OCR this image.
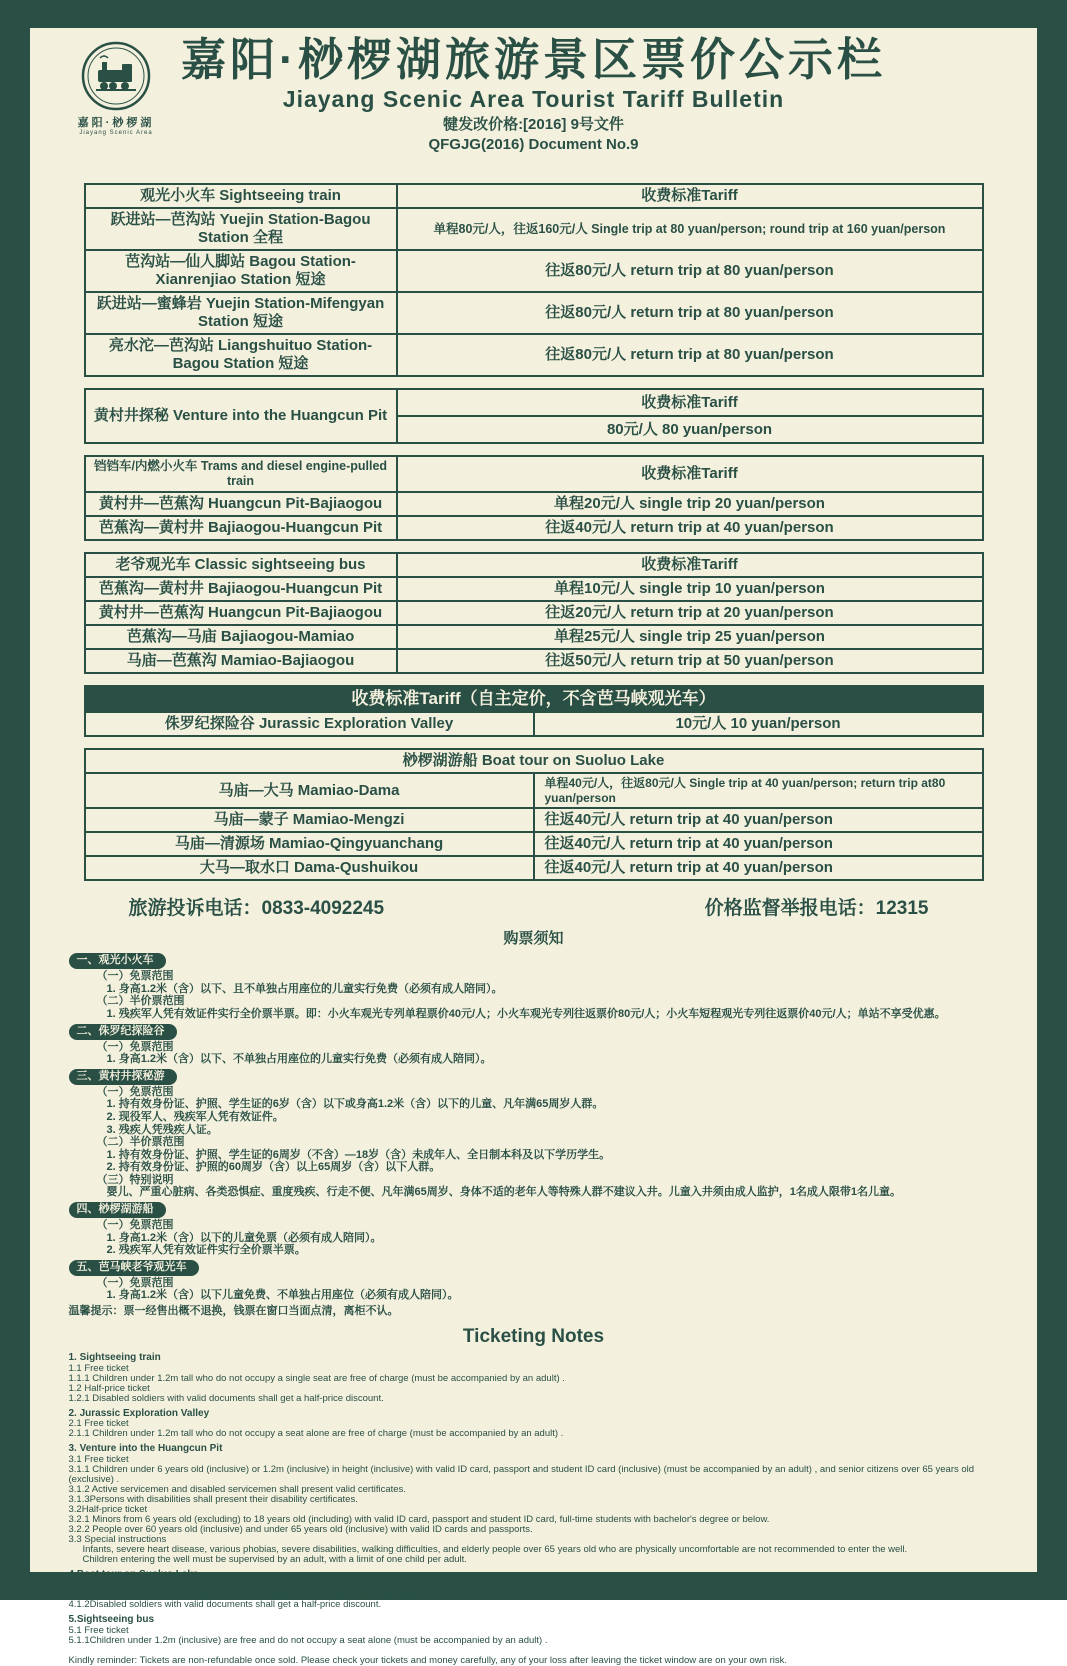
嘉阳·桫椤湖
Jiayang Scenic Area
嘉阳·桫椤湖旅游景区票价公示栏
Jiayang Scenic Area Tourist Tariff Bulletin
犍发改价格:[2016] 9号文件
QFGJG(2016) Document No.9
观光小火车 Sightseeing train	收费标准Tariff
跃进站—芭沟站 Yuejin Station-Bagou Station 全程	单程80元/人，往返160元/人 Single trip at 80 yuan/person; round trip at 160 yuan/person
芭沟站—仙人脚站 Bagou Station-Xianrenjiao Station 短途	往返80元/人 return trip at 80 yuan/person
跃进站—蜜蜂岩 Yuejin Station-Mifengyan Station 短途	往返80元/人 return trip at 80 yuan/person
亮水沱—芭沟站 Liangshuituo Station-Bagou Station 短途	往返80元/人 return trip at 80 yuan/person
黄村井探秘 Venture into the Huangcun Pit	收费标准Tariff
80元/人 80 yuan/person
铛铛车/内燃小火车 Trams and diesel engine-pulled train	收费标准Tariff
黄村井—芭蕉沟 Huangcun Pit-Bajiaogou	单程20元/人 single trip 20 yuan/person
芭蕉沟—黄村井 Bajiaogou-Huangcun Pit	往返40元/人 return trip at 40 yuan/person
老爷观光车 Classic sightseeing bus	收费标准Tariff
芭蕉沟—黄村井 Bajiaogou-Huangcun Pit	单程10元/人 single trip 10 yuan/person
黄村井—芭蕉沟 Huangcun Pit-Bajiaogou	往返20元/人 return trip at 20 yuan/person
芭蕉沟—马庙 Bajiaogou-Mamiao	单程25元/人 single trip 25 yuan/person
马庙—芭蕉沟 Mamiao-Bajiaogou	往返50元/人 return trip at 50 yuan/person
收费标准Tariff（自主定价，不含芭马峡观光车）
侏罗纪探险谷 Jurassic Exploration Valley	10元/人 10 yuan/person
桫椤湖游船 Boat tour on Suoluo Lake	
马庙—大马 Mamiao-Dama	单程40元/人，往返80元/人 Single trip at 40 yuan/person; return trip at80 yuan/person
马庙—蒙子 Mamiao-Mengzi	往返40元/人 return trip at 40 yuan/person
马庙—清源场 Mamiao-Qingyuanchang	往返40元/人 return trip at 40 yuan/person
大马—取水口 Dama-Qushuikou	往返40元/人 return trip at 40 yuan/person
旅游投诉电话：0833-4092245	价格监督举报电话：12315
购票须知
一、观光小火车
（一）免票范围
1. 身高1.2米（含）以下、且不单独占用座位的儿童实行免费（必须有成人陪同）。
（二）半价票范围
1. 残疾军人凭有效证件实行全价票半票。即：小火车观光专列单程票价40元/人；小火车观光专列往返票价80元/人；小火车短程观光专列往返票价40元/人；单站不享受优惠。
二、侏罗纪探险谷
（一）免票范围
1. 身高1.2米（含）以下、不单独占用座位的儿童实行免费（必须有成人陪同）。
三、黄村井探秘游
（一）免票范围
1. 持有效身份证、护照、学生证的6岁（含）以下或身高1.2米（含）以下的儿童、凡年满65周岁人群。
2. 现役军人、残疾军人凭有效证件。
3. 残疾人凭残疾人证。
（二）半价票范围
1. 持有效身份证、护照、学生证的6周岁（不含）—18岁（含）未成年人、全日制本科及以下学历学生。
2. 持有效身份证、护照的60周岁（含）以上65周岁（含）以下人群。
（三）特别说明
婴儿、严重心脏病、各类恐惧症、重度残疾、行走不便、凡年满65周岁、身体不适的老年人等特殊人群不建议入井。儿童入井须由成人监护，1名成人限带1名儿童。
四、桫椤湖游船
（一）免票范围
1. 身高1.2米（含）以下的儿童免票（必须有成人陪同）。
2. 残疾军人凭有效证件实行全价票半票。
五、芭马峡老爷观光车
（一）免票范围
1. 身高1.2米（含）以下儿童免费、不单独占用座位（必须有成人陪同）。
温馨提示：票一经售出概不退换，钱票在窗口当面点清，离柜不认。
Ticketing Notes
1. Sightseeing train
1.1 Free ticket
1.1.1 Children under 1.2m tall who do not occupy a single seat are free of charge (must be accompanied by an adult) .
1.2 Half-price ticket
1.2.1 Disabled soldiers with valid documents shall get a half-price discount.
2. Jurassic Exploration Valley
2.1 Free ticket
2.1.1 Children under 1.2m tall who do not occupy a seat alone are free of charge (must be accompanied by an adult) .
3. Venture into the Huangcun Pit
3.1 Free ticket
3.1.1 Children under 6 years old (inclusive) or 1.2m (inclusive) in height (inclusive) with valid ID card, passport and student ID card (inclusive) (must be accompanied by an adult) , and senior citizens over 65 years old (exclusive) .
3.1.2 Active servicemen and disabled servicemen shall present valid certificates.
3.1.3Persons with disabilities shall present their disability certificates.
3.2Half-price ticket
3.2.1 Minors from 6 years old (excluding) to 18 years old (including) with valid ID card, passport and student ID card, full-time students with bachelor's degree or below.
3.2.2 People over 60 years old (inclusive) and under 65 years old (inclusive) with valid ID cards and passports.
3.3 Special instructions
Infants, severe heart disease, various phobias, severe disabilities, walking difficulties, and elderly people over 65 years old who are physically uncomfortable are not recommended to enter the well.
Children entering the well must be supervised by an adult, with a limit of one child per adult.
4.Boat tour on Suoluo Lake
4.1 Free ticket
4.1.1 Children under 1.2m in height are free of charge (must be accompanied by an adult) .
4.1.2Disabled soldiers with valid documents shall get a half-price discount.
5.Sightseeing bus
5.1 Free ticket
5.1.1Children under 1.2m (inclusive) are free and do not occupy a seat alone (must be accompanied by an adult) .
Kindly reminder: Tickets are non-refundable once sold. Please check your tickets and money carefully, any of your loss after leaving the ticket window are on your own risk.
